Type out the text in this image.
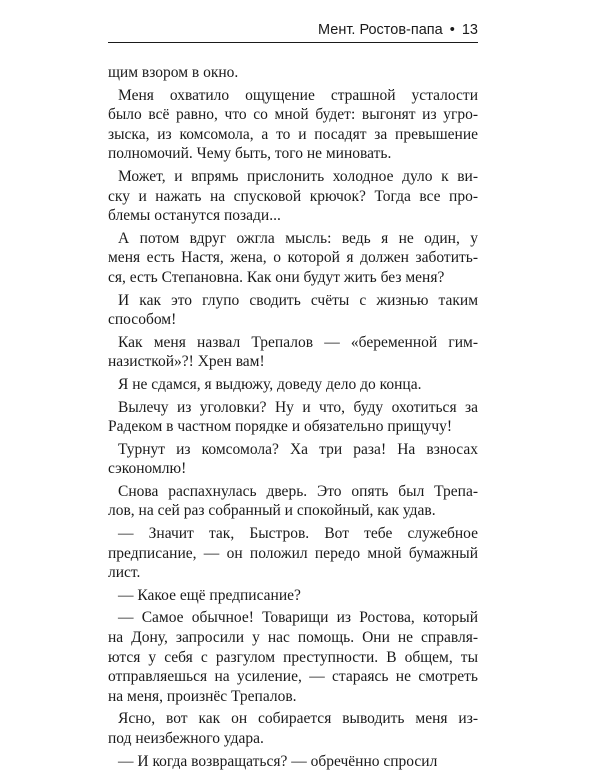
Мент. Ростов-папа • 13
щим взором в окно.
Меня охватило ощущение страшной усталости
было всё равно, что со мной будет: выгонят из угро-
зыска, из комсомола, а то и посадят за превышение
полномочий. Чему быть, того не миновать.
Может, и впрямь прислонить холодное дуло к ви-
ску и нажать на спусковой крючок? Тогда все про-
блемы останутся позади...
А потом вдруг ожгла мысль: ведь я не один, у
меня есть Настя, жена, о которой я должен заботить-
ся, есть Степановна. Как они будут жить без меня?
И как это глупо сводить счёты с жизнью таким
способом!
Как меня назвал Трепалов — «беременной гим-
назисткой»?! Хрен вам!
Я не сдамся, я выдюжу, доведу дело до конца.
Вылечу из уголовки? Ну и что, буду охотиться за
Радеком в частном порядке и обязательно прищучу!
Турнут из комсомола? Ха три раза! На взносах
сэкономлю!
Снова распахнулась дверь. Это опять был Трепа-
лов, на сей раз собранный и спокойный, как удав.
— Значит так, Быстров. Вот тебе служебное
предписание, — он положил передо мной бумажный
лист.
— Какое ещё предписание?
— Самое обычное! Товарищи из Ростова, который
на Дону, запросили у нас помощь. Они не справля-
ются у себя с разгулом преступности. В общем, ты
отправляешься на усиление, — стараясь не смотреть
на меня, произнёс Трепалов.
Ясно, вот как он собирается выводить меня из-
под неизбежного удара.
— И когда возвращаться? — обречённо спросил
